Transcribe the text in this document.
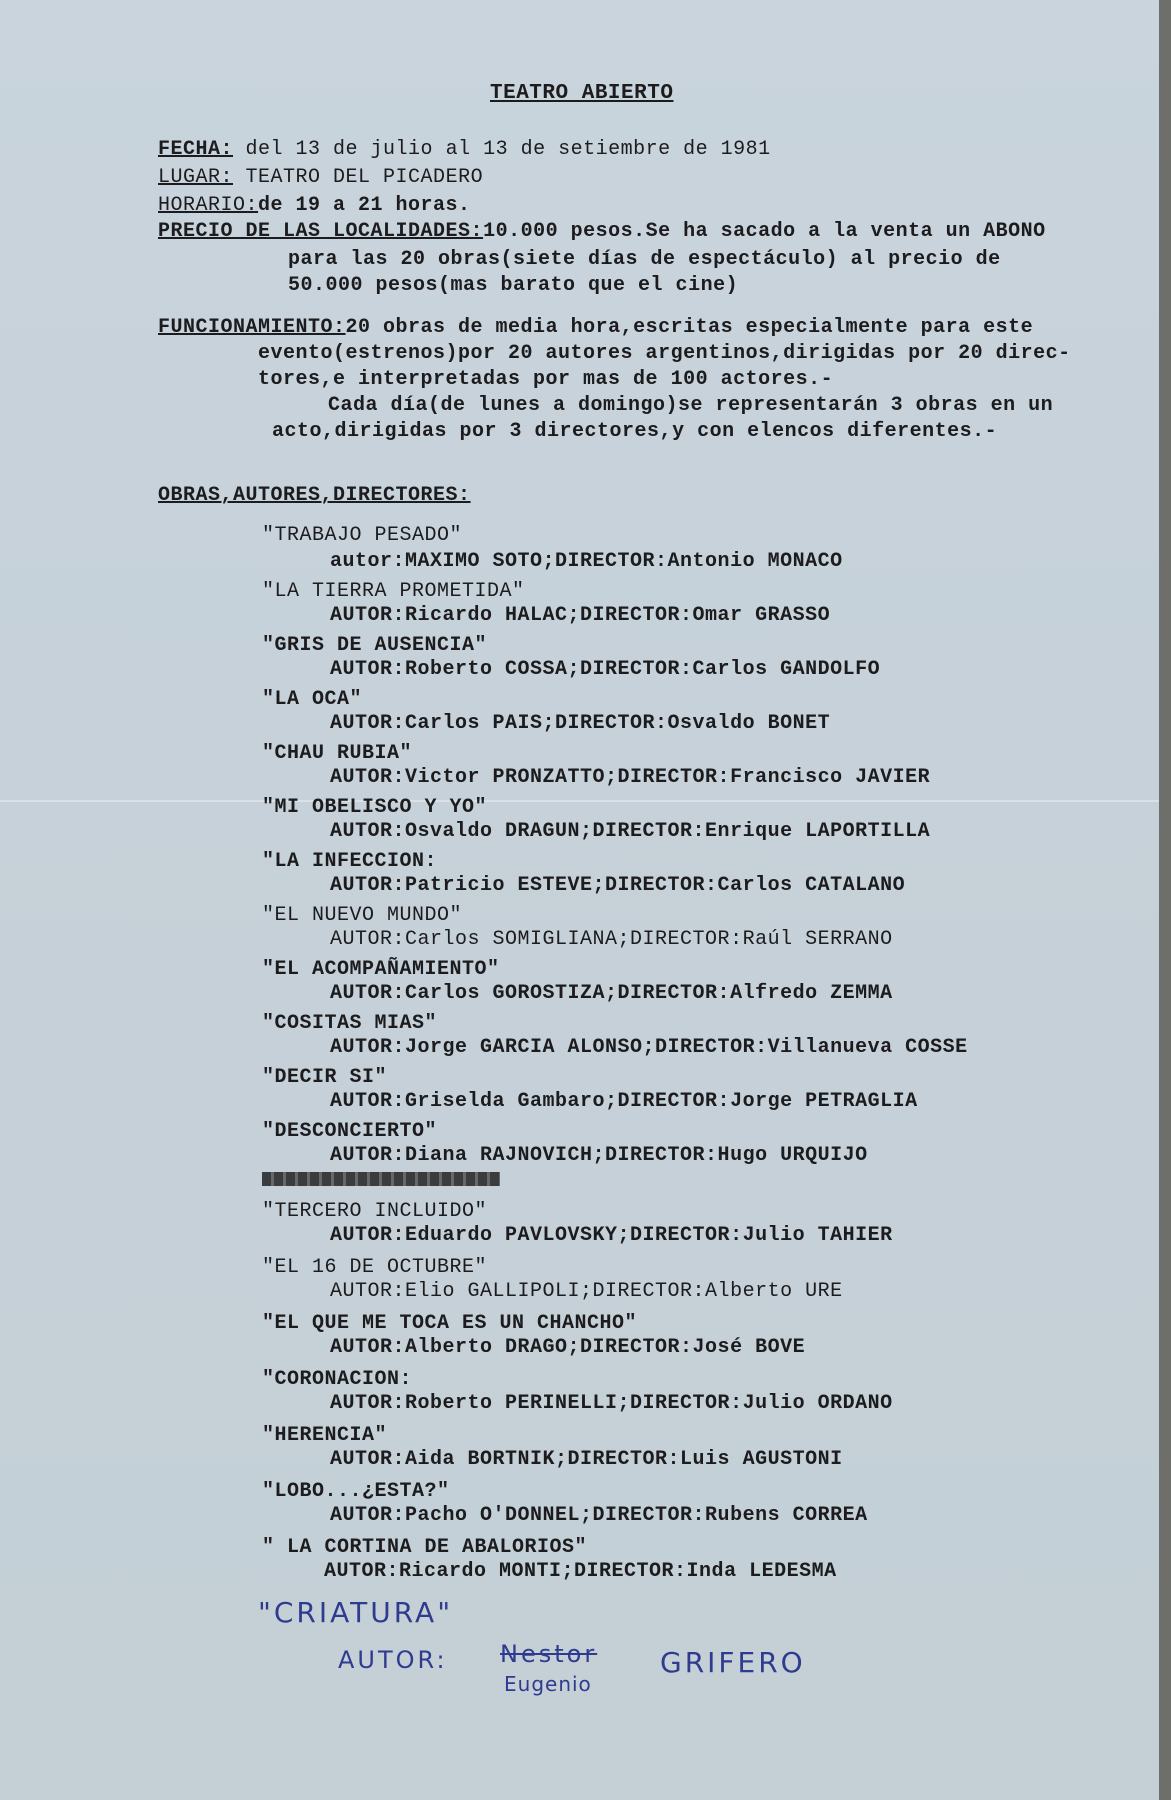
TEATRO ABIERTO
FECHA: del 13 de julio al 13 de setiembre de 1981
LUGAR: TEATRO DEL PICADERO
HORARIO:de 19 a 21 horas.
PRECIO DE LAS LOCALIDADES:10.000 pesos.Se ha sacado a la venta un ABONO
para las 20 obras(siete días de espectáculo) al precio de
50.000 pesos(mas barato que el cine)
FUNCIONAMIENTO:20 obras de media hora,escritas especialmente para este
evento(estrenos)por 20 autores argentinos,dirigidas por 20 direc-
tores,e interpretadas por mas de 100 actores.-
Cada día(de lunes a domingo)se representarán 3 obras en un
acto,dirigidas por 3 directores,y con elencos diferentes.-
OBRAS,AUTORES,DIRECTORES:
"TRABAJO PESADO"
autor:MAXIMO SOTO;DIRECTOR:Antonio MONACO
"LA TIERRA PROMETIDA"
AUTOR:Ricardo HALAC;DIRECTOR:Omar GRASSO
"GRIS DE AUSENCIA"
AUTOR:Roberto COSSA;DIRECTOR:Carlos GANDOLFO
"LA OCA"
AUTOR:Carlos PAIS;DIRECTOR:Osvaldo BONET
"CHAU RUBIA"
AUTOR:Victor PRONZATTO;DIRECTOR:Francisco JAVIER
"MI OBELISCO Y YO"
AUTOR:Osvaldo DRAGUN;DIRECTOR:Enrique LAPORTILLA
"LA INFECCION:
AUTOR:Patricio ESTEVE;DIRECTOR:Carlos CATALANO
"EL NUEVO MUNDO"
AUTOR:Carlos SOMIGLIANA;DIRECTOR:Raúl SERRANO
"EL ACOMPAÑAMIENTO"
AUTOR:Carlos GOROSTIZA;DIRECTOR:Alfredo ZEMMA
"COSITAS MIAS"
AUTOR:Jorge GARCIA ALONSO;DIRECTOR:Villanueva COSSE
"DECIR SI"
AUTOR:Griselda Gambaro;DIRECTOR:Jorge PETRAGLIA
"DESCONCIERTO"
AUTOR:Diana RAJNOVICH;DIRECTOR:Hugo URQUIJO
"TERCERO INCLUIDO"
AUTOR:Eduardo PAVLOVSKY;DIRECTOR:Julio TAHIER
"EL 16 DE OCTUBRE"
AUTOR:Elio GALLIPOLI;DIRECTOR:Alberto URE
"EL QUE ME TOCA ES UN CHANCHO"
AUTOR:Alberto DRAGO;DIRECTOR:José BOVE
"CORONACION:
AUTOR:Roberto PERINELLI;DIRECTOR:Julio ORDANO
"HERENCIA"
AUTOR:Aida BORTNIK;DIRECTOR:Luis AGUSTONI
"LOBO...¿ESTA?"
AUTOR:Pacho O'DONNEL;DIRECTOR:Rubens CORREA
" LA CORTINA DE ABALORIOS"
AUTOR:Ricardo MONTI;DIRECTOR:Inda LEDESMA
"CRIATURA"
AUTOR: Nestor
Eugenio
GRIFERO
